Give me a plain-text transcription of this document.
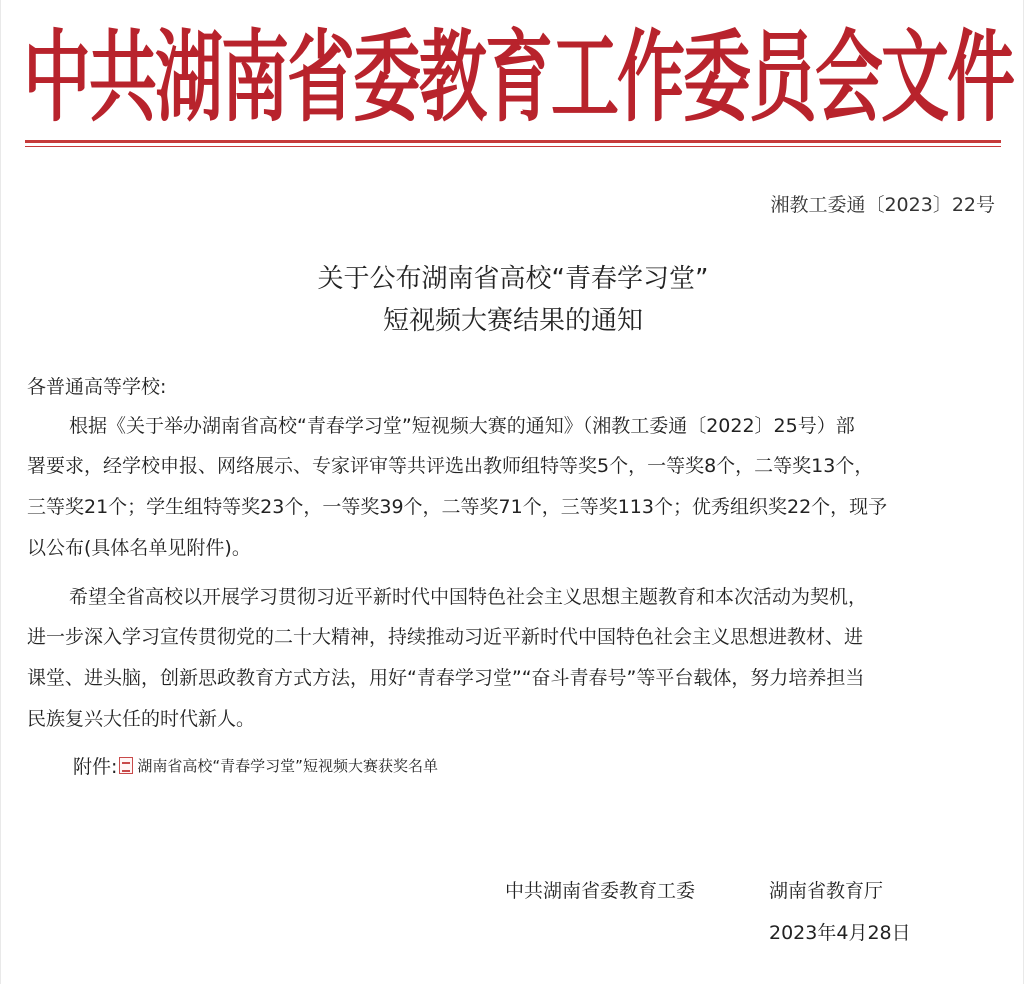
中共湖南省委教育工作委员会文件
湘教工委通〔2023〕22号
关于公布湖南省高校“青春学习堂”
短视频大赛结果的通知
各普通高等学校:
根据《关于举办湖南省高校“青春学习堂”短视频大赛的通知》（湘教工委通〔2022〕25号）部
署要求，经学校申报、网络展示、专家评审等共评选出教师组特等奖5个，一等奖8个，二等奖13个，
三等奖21个；学生组特等奖23个，一等奖39个，二等奖71个，三等奖113个；优秀组织奖22个，现予
以公布(具体名单见附件)。
希望全省高校以开展学习贯彻习近平新时代中国特色社会主义思想主题教育和本次活动为契机，
进一步深入学习宣传贯彻党的二十大精神，持续推动习近平新时代中国特色社会主义思想进教材、进
课堂、进头脑，创新思政教育方式方法，用好“青春学习堂”“奋斗青春号”等平台载体，努力培养担当
民族复兴大任的时代新人。
附件: 湖南省高校“青春学习堂”短视频大赛获奖名单
中共湖南省委教育工委	湖南省教育厅
2023年4月28日
